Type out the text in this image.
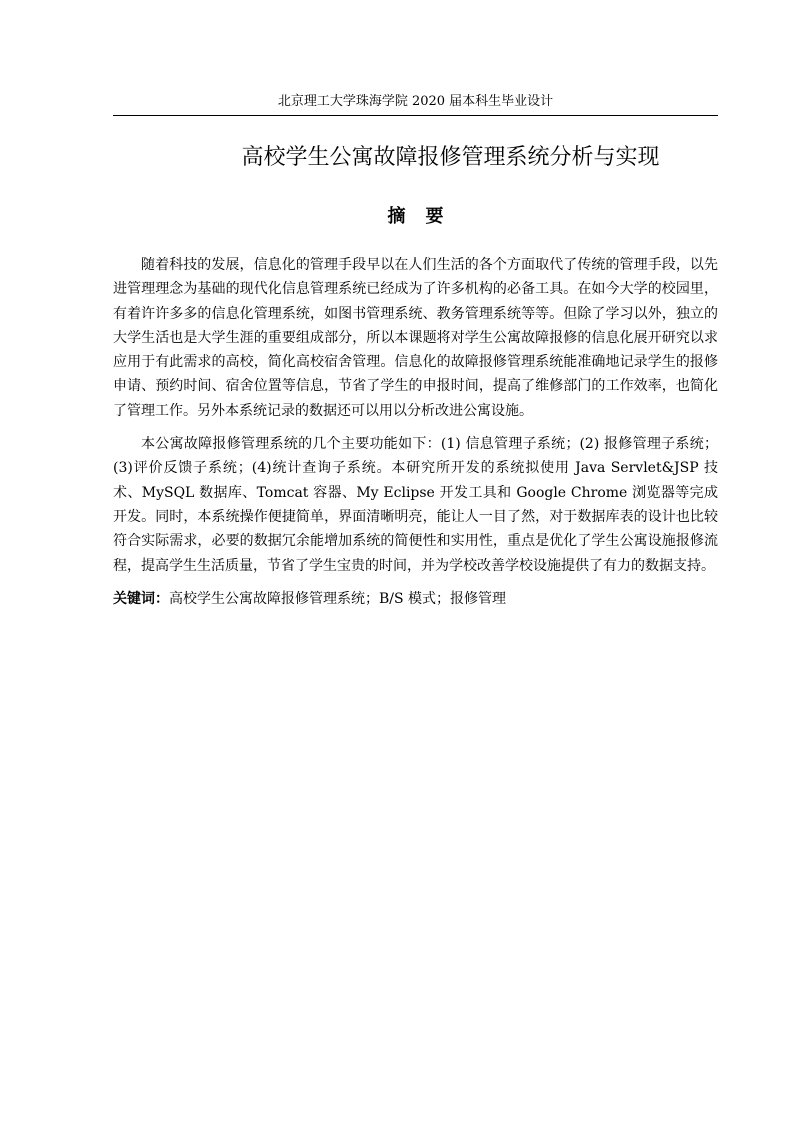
北京理工大学珠海学院 2020 届本科生毕业设计
高校学生公寓故障报修管理系统分析与实现
摘要

随着科技的发展，信息化的管理手段早以在人们生活的各个方面取代了传统的管理手段，以先进管理理念为基础的现代化信息管理系统已经成为了许多机构的必备工具。在如今大学的校园里，有着许许多多的信息化管理系统，如图书管理系统、教务管理系统等等。但除了学习以外，独立的大学生活也是大学生涯的重要组成部分，所以本课题将对学生公寓故障报修的信息化展开研究以求应用于有此需求的高校，简化高校宿舍管理。信息化的故障报修管理系统能准确地记录学生的报修申请、预约时间、宿舍位置等信息，节省了学生的申报时间，提高了维修部门的工作效率，也简化了管理工作。另外本系统记录的数据还可以用以分析改进公寓设施。

本公寓故障报修管理系统的几个主要功能如下：(1) 信息管理子系统；(2) 报修管理子系统；(3)评价反馈子系统；(4)统计查询子系统。本研究所开发的系统拟使用 Java Servlet&JSP 技术、MySQL 数据库、Tomcat 容器、My Eclipse 开发工具和 Google Chrome 浏览器等完成开发。同时，本系统操作便捷简单，界面清晰明亮，能让人一目了然，对于数据库表的设计也比较符合实际需求，必要的数据冗余能增加系统的简便性和实用性，重点是优化了学生公寓设施报修流程，提高学生生活质量，节省了学生宝贵的时间，并为学校改善学校设施提供了有力的数据支持。

关键词：高校学生公寓故障报修管理系统；B/S 模式；报修管理
